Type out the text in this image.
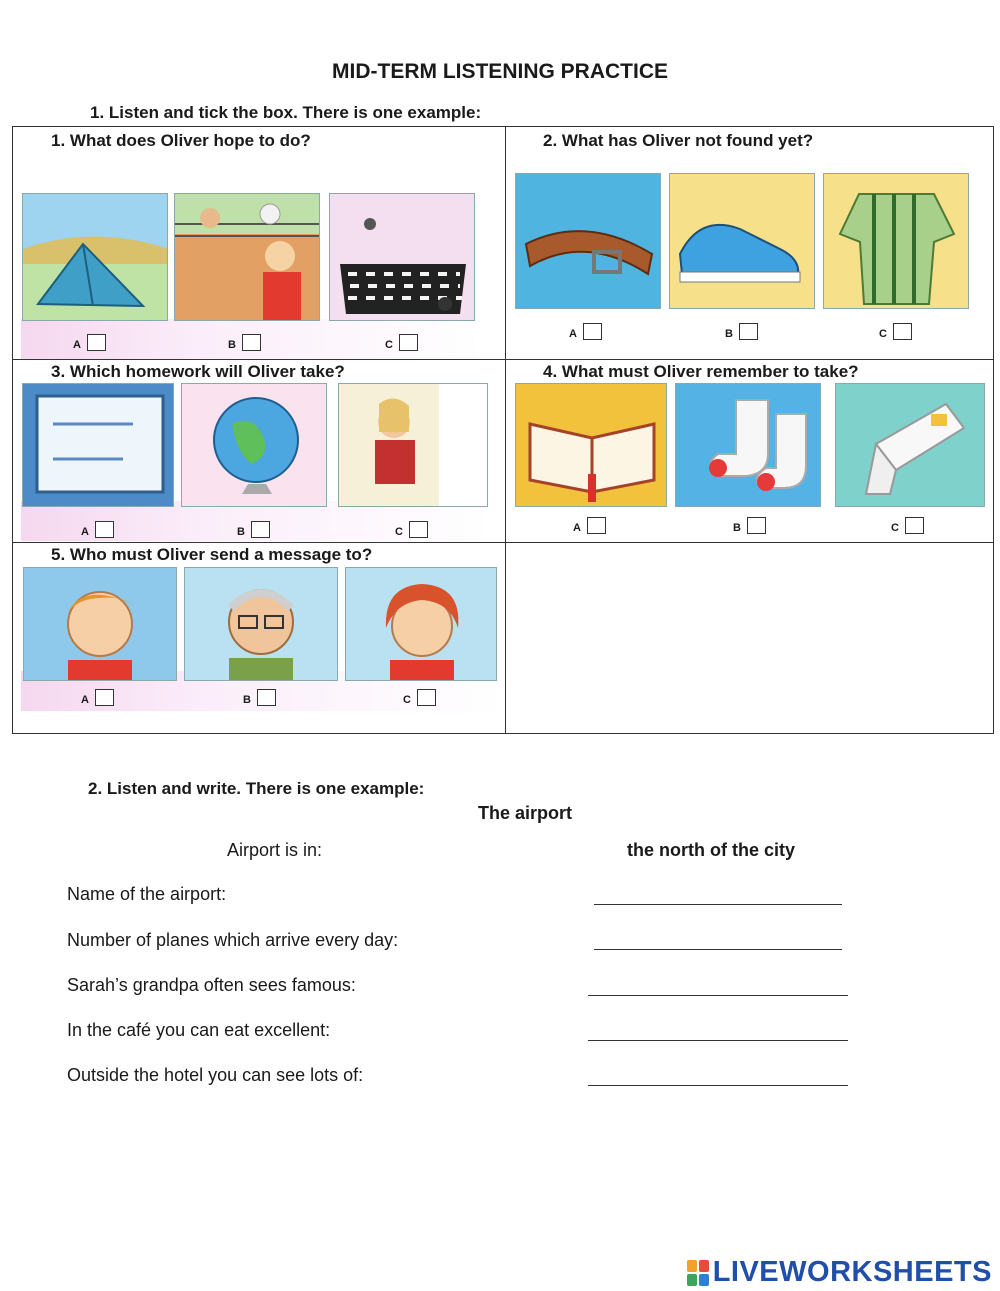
MID-TERM LISTENING PRACTICE
1. Listen and tick the box. There is one example:
1. What does Oliver hope to do?
A	B	C
2. What has Oliver not found yet?
A	B	C
3. Which homework will Oliver take?
A	B	C
4. What must Oliver remember to take?
A	B	C
5. Who must Oliver send a message to?
A	B	C
2. Listen and write. There is one example:
The airport
Airport is in:	the north of the city
Name of the airport:
Number of planes which arrive every day:
Sarah’s grandpa often sees famous:
In the café you can eat excellent:
Outside the hotel you can see lots of:
LIVEWORKSHEETS
